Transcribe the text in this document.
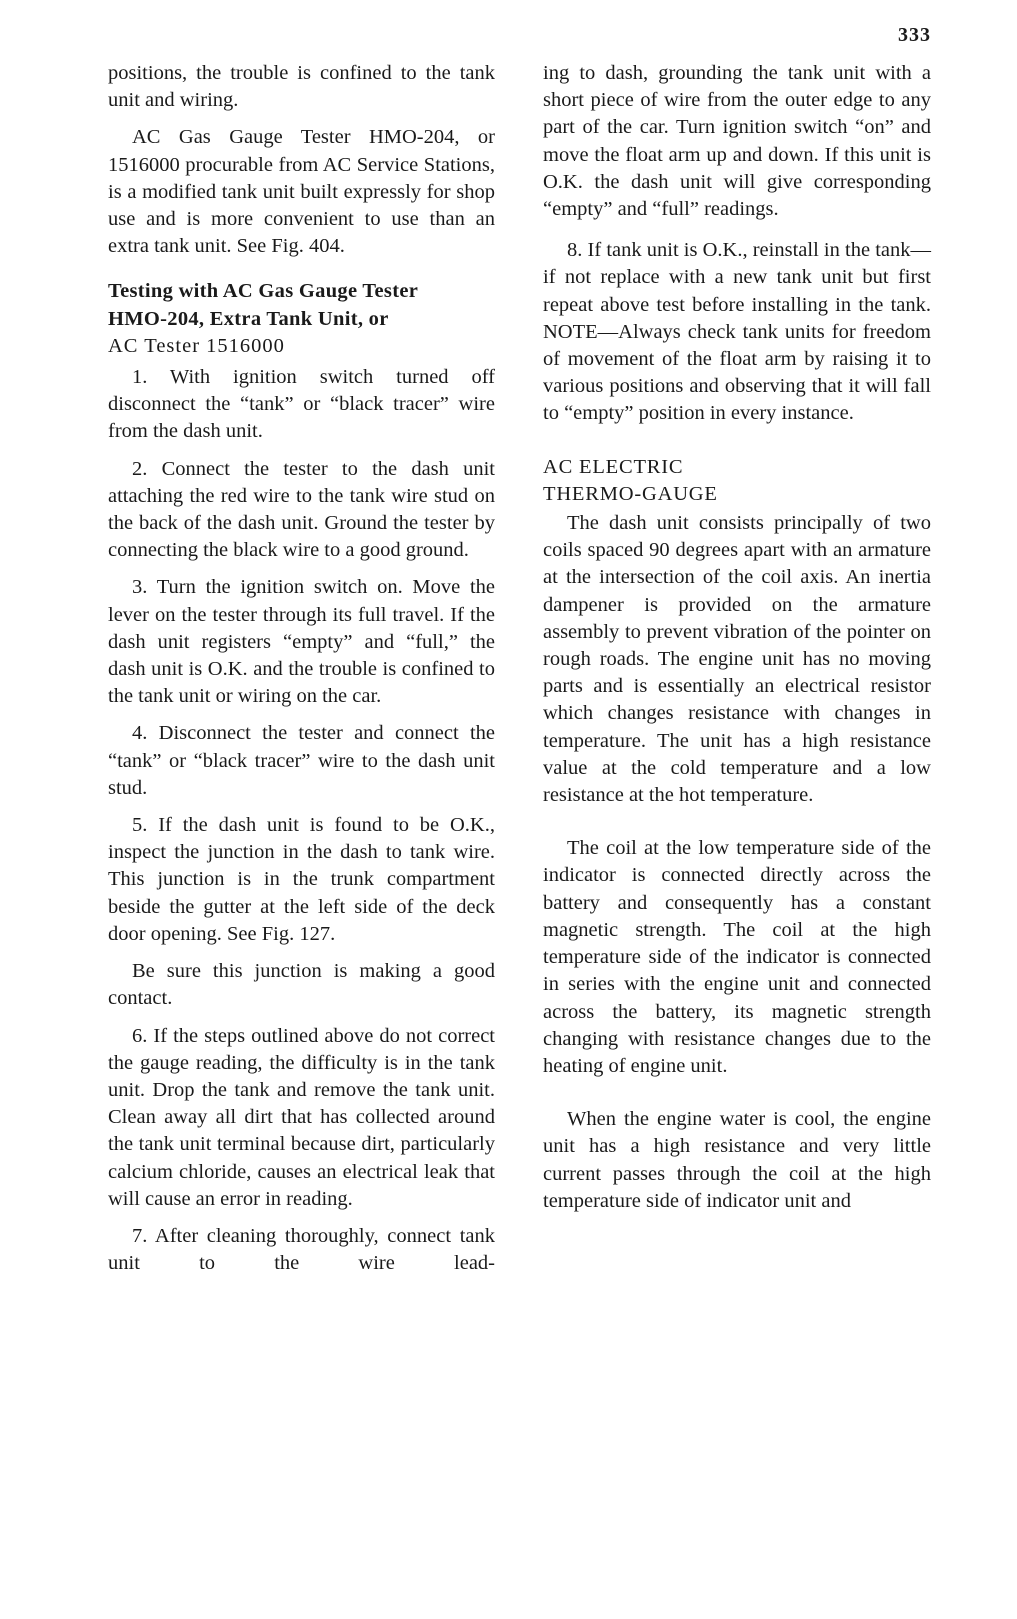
333

positions, the trouble is confined to the tank unit and wiring.

AC Gas Gauge Tester HMO-204, or 1516000 procurable from AC Service Stations, is a modified tank unit built expressly for shop use and is more convenient to use than an extra tank unit. See Fig. 404.

Testing with AC Gas Gauge Tester
HMO-204, Extra Tank Unit, or
AC Tester 1516000

1. With ignition switch turned off disconnect the “tank” or “black tracer” wire from the dash unit.

2. Connect the tester to the dash unit attaching the red wire to the tank wire stud on the back of the dash unit. Ground the tester by connecting the black wire to a good ground.

3. Turn the ignition switch on. Move the lever on the tester through its full travel. If the dash unit registers “empty” and “full,” the dash unit is O.K. and the trouble is confined to the tank unit or wiring on the car.

4. Disconnect the tester and connect the “tank” or “black tracer” wire to the dash unit stud.

5. If the dash unit is found to be O.K., inspect the junction in the dash to tank wire. This junction is in the trunk compartment beside the gutter at the left side of the deck door opening. See Fig. 127.

Be sure this junction is making a good contact.

6. If the steps outlined above do not correct the gauge reading, the difficulty is in the tank unit. Drop the tank and remove the tank unit. Clean away all dirt that has collected around the tank unit terminal because dirt, particularly calcium chloride, causes an electrical leak that will cause an error in reading.

7. After cleaning thoroughly, connect tank unit to the wire lead-

ing to dash, grounding the tank unit with a short piece of wire from the outer edge to any part of the car. Turn ignition switch “on” and move the float arm up and down. If this unit is O.K. the dash unit will give corresponding “empty” and “full” readings.

8. If tank unit is O.K., reinstall in the tank—if not replace with a new tank unit but first repeat above test before installing in the tank. NOTE—Always check tank units for freedom of movement of the float arm by raising it to various positions and observing that it will fall to “empty” position in every instance.

AC ELECTRIC
THERMO-GAUGE

The dash unit consists principally of two coils spaced 90 degrees apart with an armature at the intersection of the coil axis. An inertia dampener is provided on the armature assembly to prevent vibration of the pointer on rough roads. The engine unit has no moving parts and is essentially an electrical resistor which changes resistance with changes in temperature. The unit has a high resistance value at the cold temperature and a low resistance at the hot temperature.

The coil at the low temperature side of the indicator is connected directly across the battery and consequently has a constant magnetic strength. The coil at the high temperature side of the indicator is connected in series with the engine unit and connected across the battery, its magnetic strength changing with resistance changes due to the heating of engine unit.

When the engine water is cool, the engine unit has a high resistance and very little current passes through the coil at the high temperature side of indicator unit and
